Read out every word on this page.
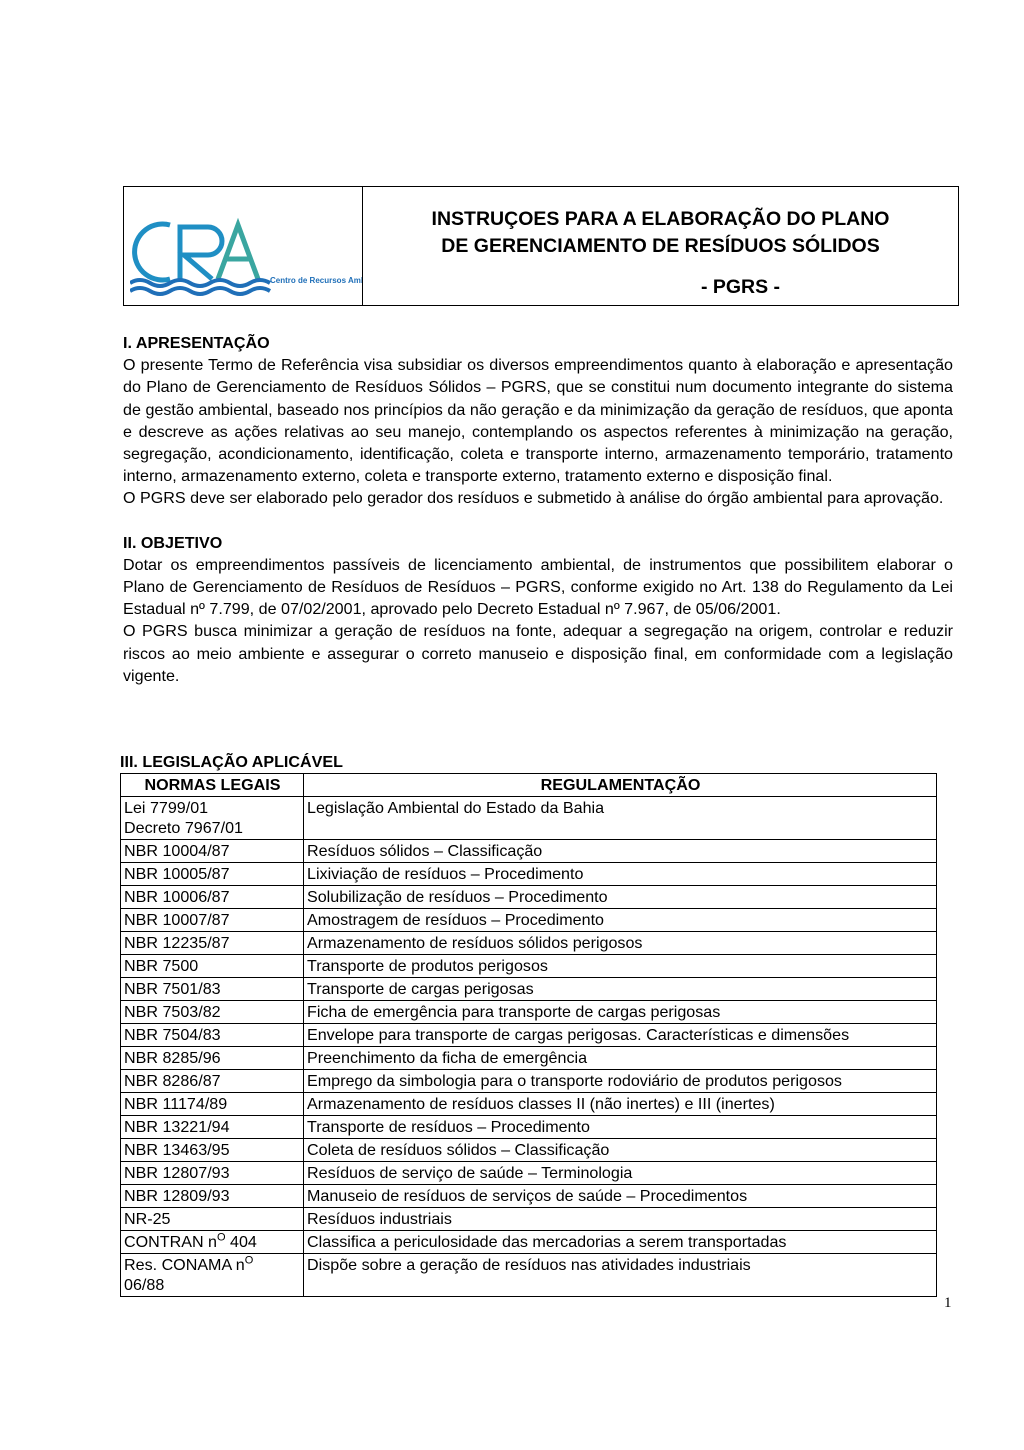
Centro de Recursos Amb
INSTRUÇOES PARA A ELABORAÇÃO DO PLANO
DE GERENCIAMENTO DE RESÍDUOS SÓLIDOS
- PGRS -

I. APRESENTAÇÃO

O presente Termo de Referência visa subsidiar os diversos empreendimentos quanto à elaboração e apresentação do Plano de Gerenciamento de Resíduos Sólidos – PGRS, que se constitui num documento integrante do sistema de gestão ambiental, baseado nos princípios da não geração e da minimização da geração de resíduos, que aponta e descreve as ações relativas ao seu manejo, contemplando os aspectos referentes à minimização na geração, segregação, acondicionamento, identificação, coleta e transporte interno, armazenamento temporário, tratamento interno, armazenamento externo, coleta e transporte externo, tratamento externo e disposição final.

O PGRS deve ser elaborado pelo gerador dos resíduos e submetido à análise do órgão ambiental para aprovação.

II. OBJETIVO

Dotar os empreendimentos passíveis de licenciamento ambiental, de instrumentos que possibilitem elaborar o Plano de Gerenciamento de Resíduos de Resíduos – PGRS, conforme exigido no Art. 138 do Regulamento da Lei Estadual nº 7.799, de 07/02/2001, aprovado pelo Decreto Estadual nº 7.967, de 05/06/2001.

O PGRS busca minimizar a geração de resíduos na fonte, adequar a segregação na origem, controlar e reduzir riscos ao meio ambiente e assegurar o correto manuseio e disposição final, em conformidade com a legislação vigente.

III. LEGISLAÇÃO APLICÁVEL
NORMAS LEGAIS	REGULAMENTAÇÃO
Lei 7799/01
Decreto 7967/01	Legislação Ambiental do Estado da Bahia
NBR 10004/87	Resíduos sólidos – Classificação
NBR 10005/87	Lixiviação de resíduos – Procedimento
NBR 10006/87	Solubilização de resíduos – Procedimento
NBR 10007/87	Amostragem de resíduos – Procedimento
NBR 12235/87	Armazenamento de resíduos sólidos perigosos
NBR 7500	Transporte de produtos perigosos
NBR 7501/83	Transporte de cargas perigosas
NBR 7503/82	Ficha de emergência para transporte de cargas perigosas
NBR 7504/83	Envelope para transporte de cargas perigosas. Características e dimensões
NBR 8285/96	Preenchimento da ficha de emergência
NBR 8286/87	Emprego da simbologia para o transporte rodoviário de produtos perigosos
NBR 11174/89	Armazenamento de resíduos classes II (não inertes) e III (inertes)
NBR 13221/94	Transporte de resíduos – Procedimento
NBR 13463/95	Coleta de resíduos sólidos – Classificação
NBR 12807/93	Resíduos de serviço de saúde – Terminologia
NBR 12809/93	Manuseio de resíduos de serviços de saúde – Procedimentos
NR-25	Resíduos industriais
CONTRAN $n^O$ 404	Classifica a periculosidade das mercadorias a serem transportadas
Res. CONAMA $n^O$
06/88	Dispõe sobre a geração de resíduos nas atividades industriais
1
